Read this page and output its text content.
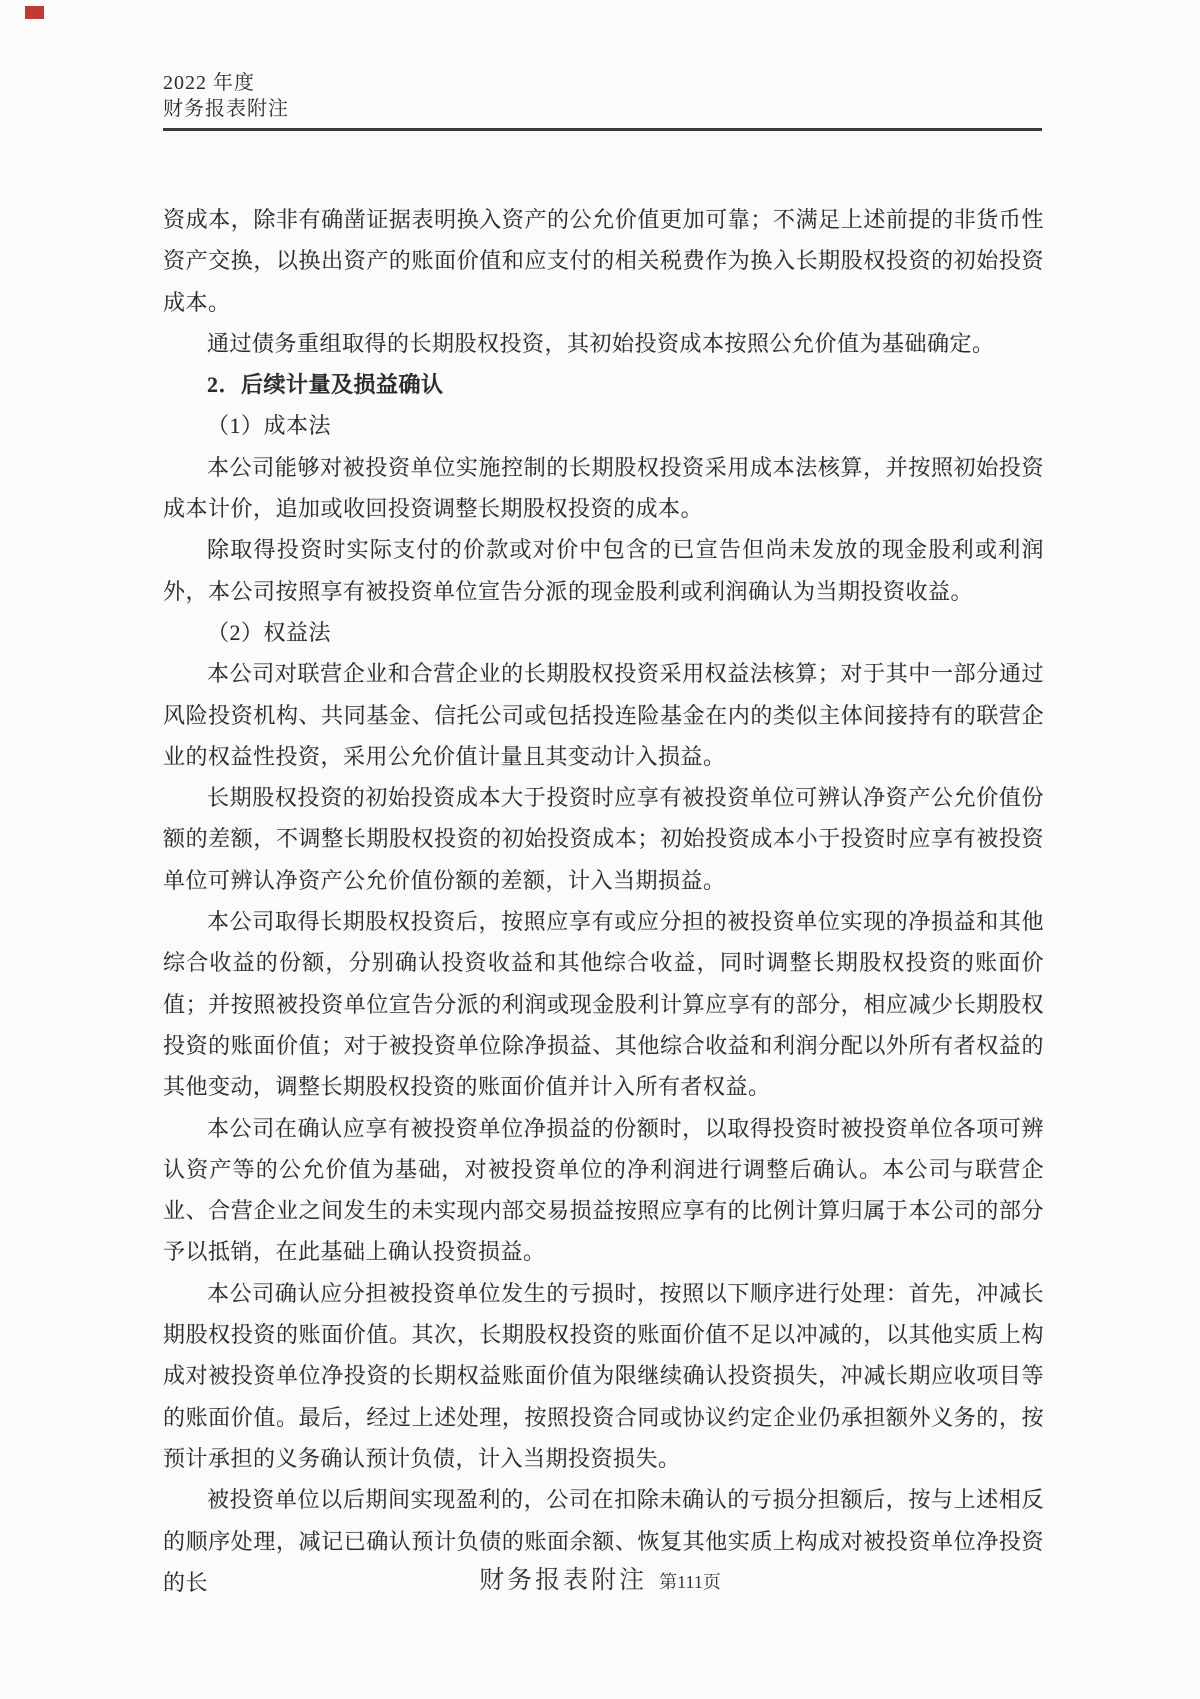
2022 年度
财务报表附注

资成本，除非有确凿证据表明换入资产的公允价值更加可靠；不满足上述前提的非货币性资产交换，以换出资产的账面价值和应支付的相关税费作为换入长期股权投资的初始投资成本。

通过债务重组取得的长期股权投资，其初始投资成本按照公允价值为基础确定。

2．后续计量及损益确认

（1）成本法

本公司能够对被投资单位实施控制的长期股权投资采用成本法核算，并按照初始投资成本计价，追加或收回投资调整长期股权投资的成本。

除取得投资时实际支付的价款或对价中包含的已宣告但尚未发放的现金股利或利润外，本公司按照享有被投资单位宣告分派的现金股利或利润确认为当期投资收益。

（2）权益法

本公司对联营企业和合营企业的长期股权投资采用权益法核算；对于其中一部分通过风险投资机构、共同基金、信托公司或包括投连险基金在内的类似主体间接持有的联营企业的权益性投资，采用公允价值计量且其变动计入损益。

长期股权投资的初始投资成本大于投资时应享有被投资单位可辨认净资产公允价值份额的差额，不调整长期股权投资的初始投资成本；初始投资成本小于投资时应享有被投资单位可辨认净资产公允价值份额的差额，计入当期损益。

本公司取得长期股权投资后，按照应享有或应分担的被投资单位实现的净损益和其他综合收益的份额，分别确认投资收益和其他综合收益，同时调整长期股权投资的账面价值；并按照被投资单位宣告分派的利润或现金股利计算应享有的部分，相应减少长期股权投资的账面价值；对于被投资单位除净损益、其他综合收益和利润分配以外所有者权益的其他变动，调整长期股权投资的账面价值并计入所有者权益。

本公司在确认应享有被投资单位净损益的份额时，以取得投资时被投资单位各项可辨认资产等的公允价值为基础，对被投资单位的净利润进行调整后确认。本公司与联营企业、合营企业之间发生的未实现内部交易损益按照应享有的比例计算归属于本公司的部分予以抵销，在此基础上确认投资损益。

本公司确认应分担被投资单位发生的亏损时，按照以下顺序进行处理：首先，冲减长期股权投资的账面价值。其次，长期股权投资的账面价值不足以冲减的，以其他实质上构成对被投资单位净投资的长期权益账面价值为限继续确认投资损失，冲减长期应收项目等的账面价值。最后，经过上述处理，按照投资合同或协议约定企业仍承担额外义务的，按预计承担的义务确认预计负债，计入当期投资损失。

被投资单位以后期间实现盈利的，公司在扣除未确认的亏损分担额后，按与上述相反的顺序处理，减记已确认预计负债的账面余额、恢复其他实质上构成对被投资单位净投资的长	财务报表附注 第111页
